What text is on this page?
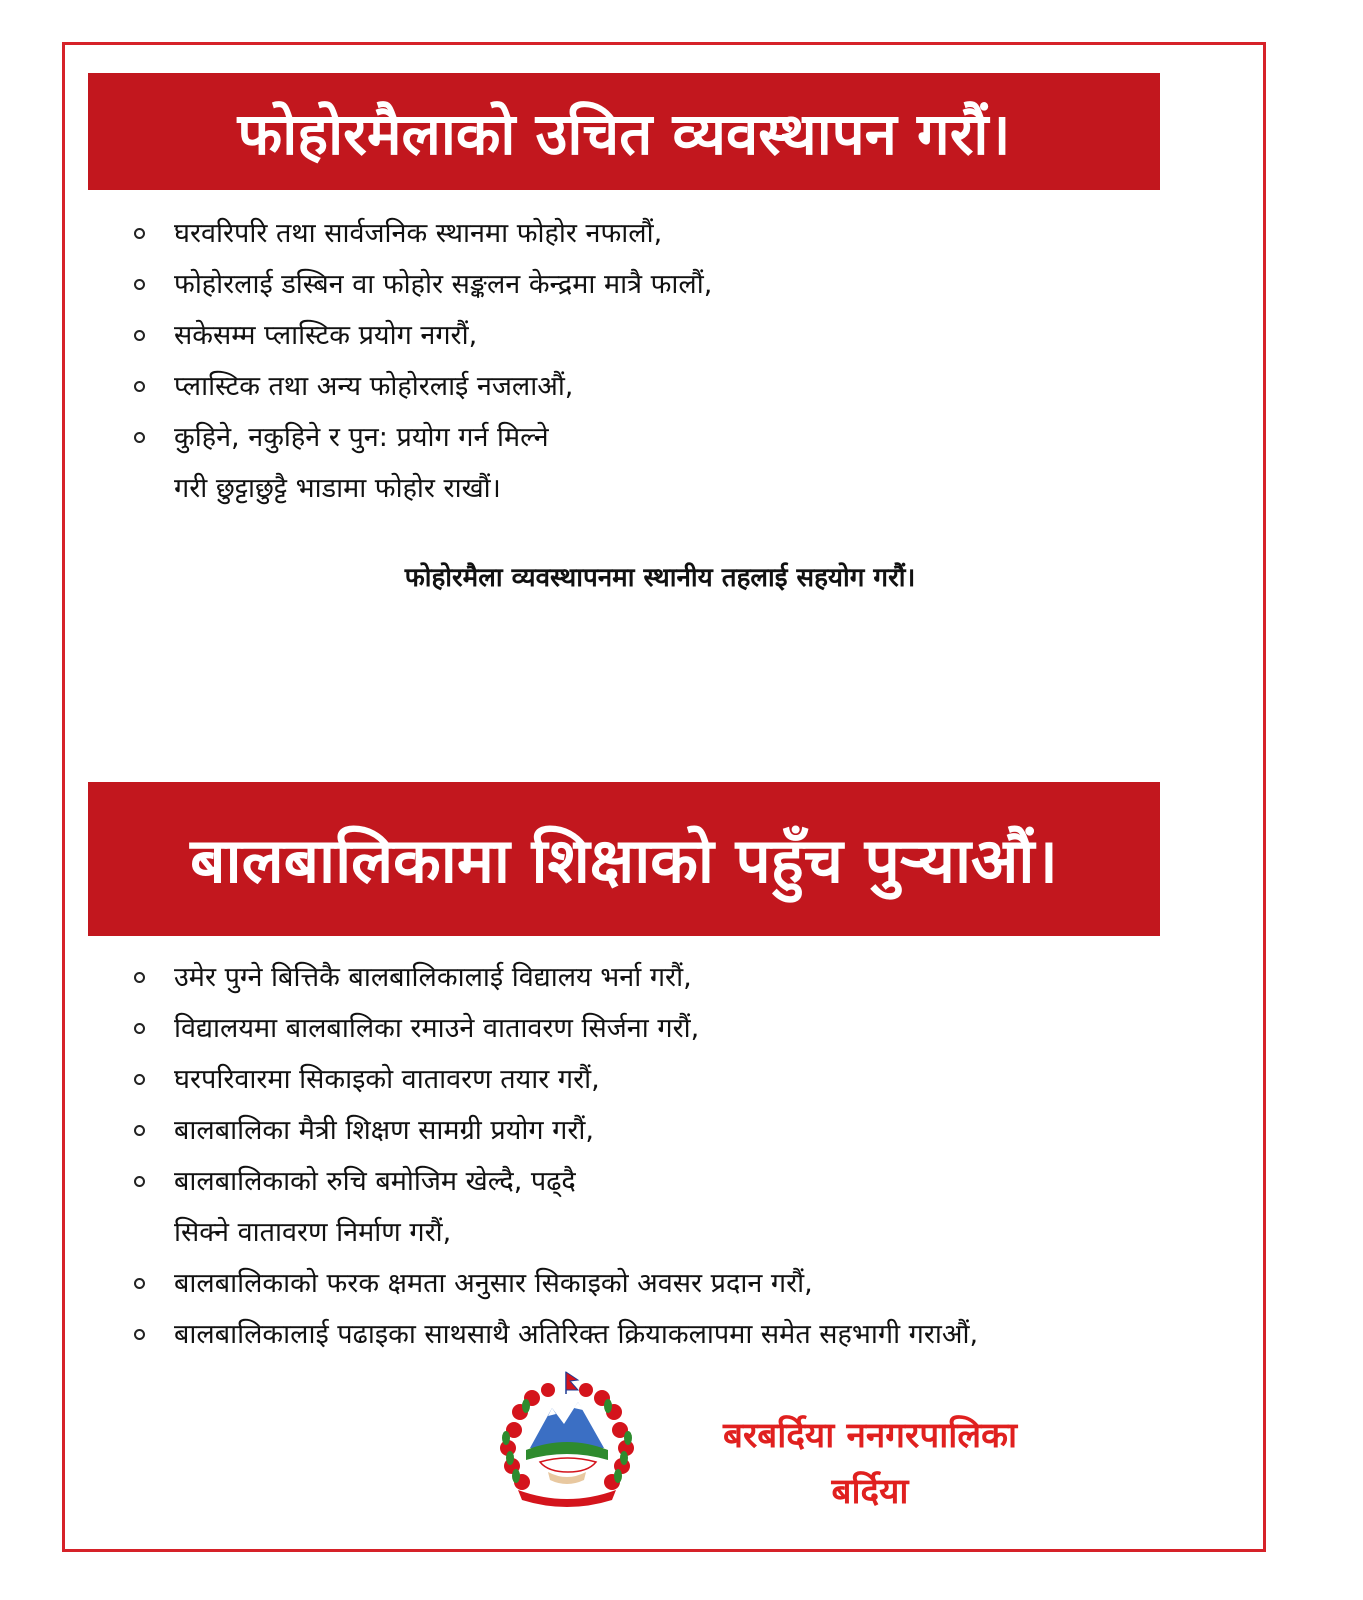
फोहोरमैलाको उचित व्यवस्थापन गरौं।
घरवरिपरि तथा सार्वजनिक स्थानमा फोहोर नफालौं,
फोहोरलाई डस्बिन वा फोहोर सङ्कलन केन्द्रमा मात्रै फालौं,
सकेसम्म प्लास्टिक प्रयोग नगरौं,
प्लास्टिक तथा अन्य फोहोरलाई नजलाऔं,
कुहिने, नकुहिने र पुन: प्रयोग गर्न मिल्ने
गरी छुट्टाछुट्टै भाडामा फोहोर राखौं।
फोहोरमैला व्यवस्थापनमा स्थानीय तहलाई सहयोग गरौं।
बालबालिकामा शिक्षाको पहुँच पुऱ्याऔं।
उमेर पुग्ने बित्तिकै बालबालिकालाई विद्यालय भर्ना गरौं,
विद्यालयमा बालबालिका रमाउने वातावरण सिर्जना गरौं,
घरपरिवारमा सिकाइको वातावरण तयार गरौं,
बालबालिका मैत्री शिक्षण सामग्री प्रयोग गरौं,
बालबालिकाको रुचि बमोजिम खेल्दै, पढ्दै
सिक्ने वातावरण निर्माण गरौं,
बालबालिकाको फरक क्षमता अनुसार सिकाइको अवसर प्रदान गरौं,
बालबालिकालाई पढाइका साथसाथै अतिरिक्त क्रियाकलापमा समेत सहभागी गराऔं,
बरबर्दिया ननगरपालिका
बर्दिया
